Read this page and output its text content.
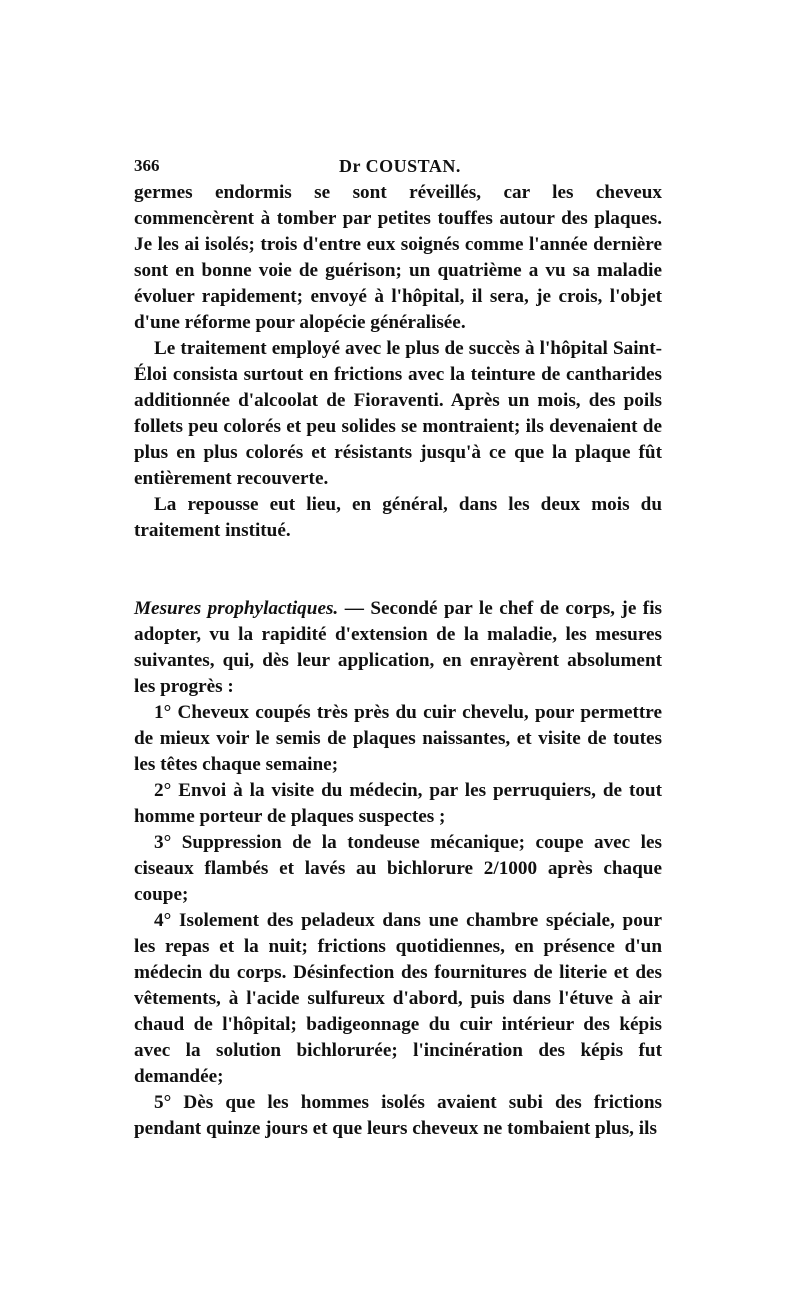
366	Dr COUSTAN.

germes endormis se sont réveillés, car les cheveux commencèrent à tomber par petites touffes autour des plaques. Je les ai isolés; trois d'entre eux soignés comme l'année dernière sont en bonne voie de guérison; un quatrième a vu sa maladie évoluer rapidement; envoyé à l'hôpital, il sera, je crois, l'objet d'une réforme pour alopécie généralisée.

Le traitement employé avec le plus de succès à l'hôpital Saint-Éloi consista surtout en frictions avec la teinture de cantharides additionnée d'alcoolat de Fioraventi. Après un mois, des poils follets peu colorés et peu solides se montraient; ils devenaient de plus en plus colorés et résistants jusqu'à ce que la plaque fût entièrement recouverte.

La repousse eut lieu, en général, dans les deux mois du traitement institué.

Mesures prophylactiques. — Secondé par le chef de corps, je fis adopter, vu la rapidité d'extension de la maladie, les mesures suivantes, qui, dès leur application, en enrayèrent absolument les progrès :

1° Cheveux coupés très près du cuir chevelu, pour permettre de mieux voir le semis de plaques naissantes, et visite de toutes les têtes chaque semaine;

2° Envoi à la visite du médecin, par les perruquiers, de tout homme porteur de plaques suspectes ;

3° Suppression de la tondeuse mécanique; coupe avec les ciseaux flambés et lavés au bichlorure 2/1000 après chaque coupe;

4° Isolement des peladeux dans une chambre spéciale, pour les repas et la nuit; frictions quotidiennes, en présence d'un médecin du corps. Désinfection des fournitures de literie et des vêtements, à l'acide sulfureux d'abord, puis dans l'étuve à air chaud de l'hôpital; badigeonnage du cuir intérieur des képis avec la solution bichlorurée; l'incinération des képis fut demandée;

5° Dès que les hommes isolés avaient subi des frictions pendant quinze jours et que leurs cheveux ne tombaient plus, ils
